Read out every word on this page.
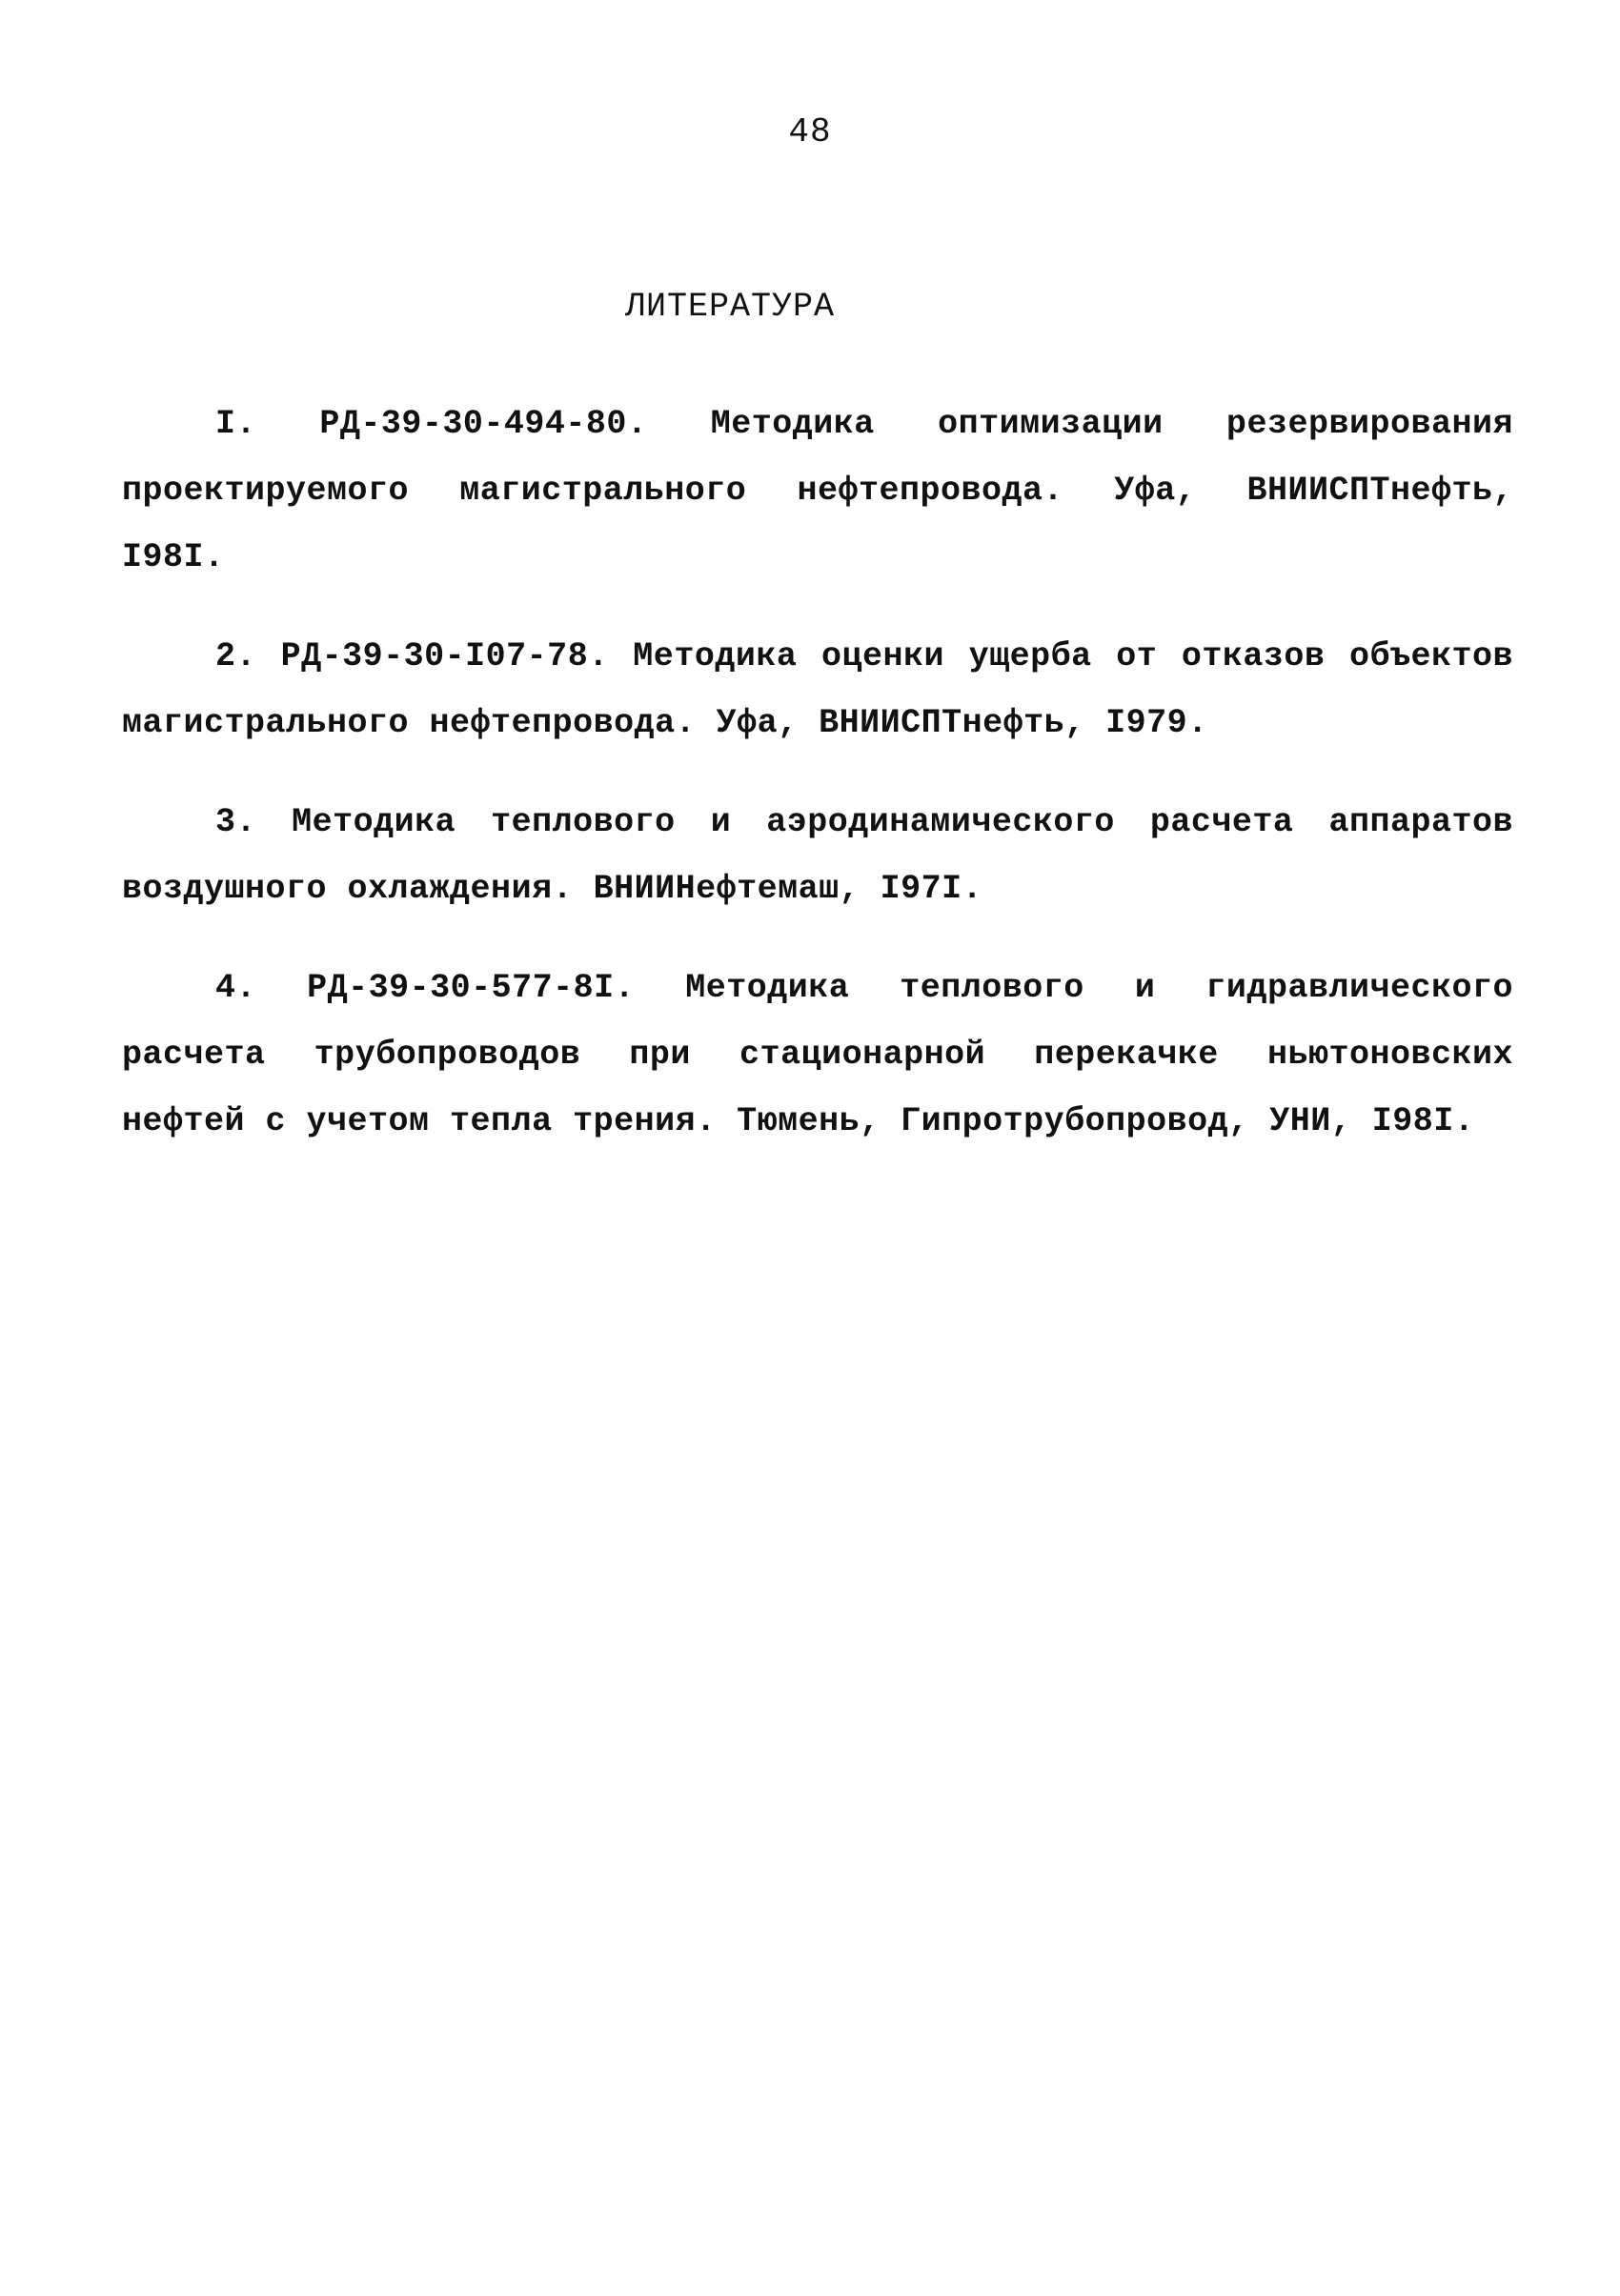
48
ЛИТЕРАТУРА

I. РД-39-30-494-80. Методика оптимизации резервирования проектируемого магистрального нефтепровода. Уфа, ВНИИСПТнефть, I98I.

2. РД-39-30-I07-78. Методика оценки ущерба от отказов объектов магистрального нефтепровода. Уфа, ВНИИСПТнефть, I979.

3. Методика теплового и аэродинамического расчета аппаратов воздушного охлаждения. ВНИИНефтемаш, I97I.

4. РД-39-30-577-8I. Методика теплового и гидравлического расчета трубопроводов при стационарной перекачке ньютоновских нефтей с учетом тепла трения. Тюмень, Гипротрубопровод, УНИ, I98I.
